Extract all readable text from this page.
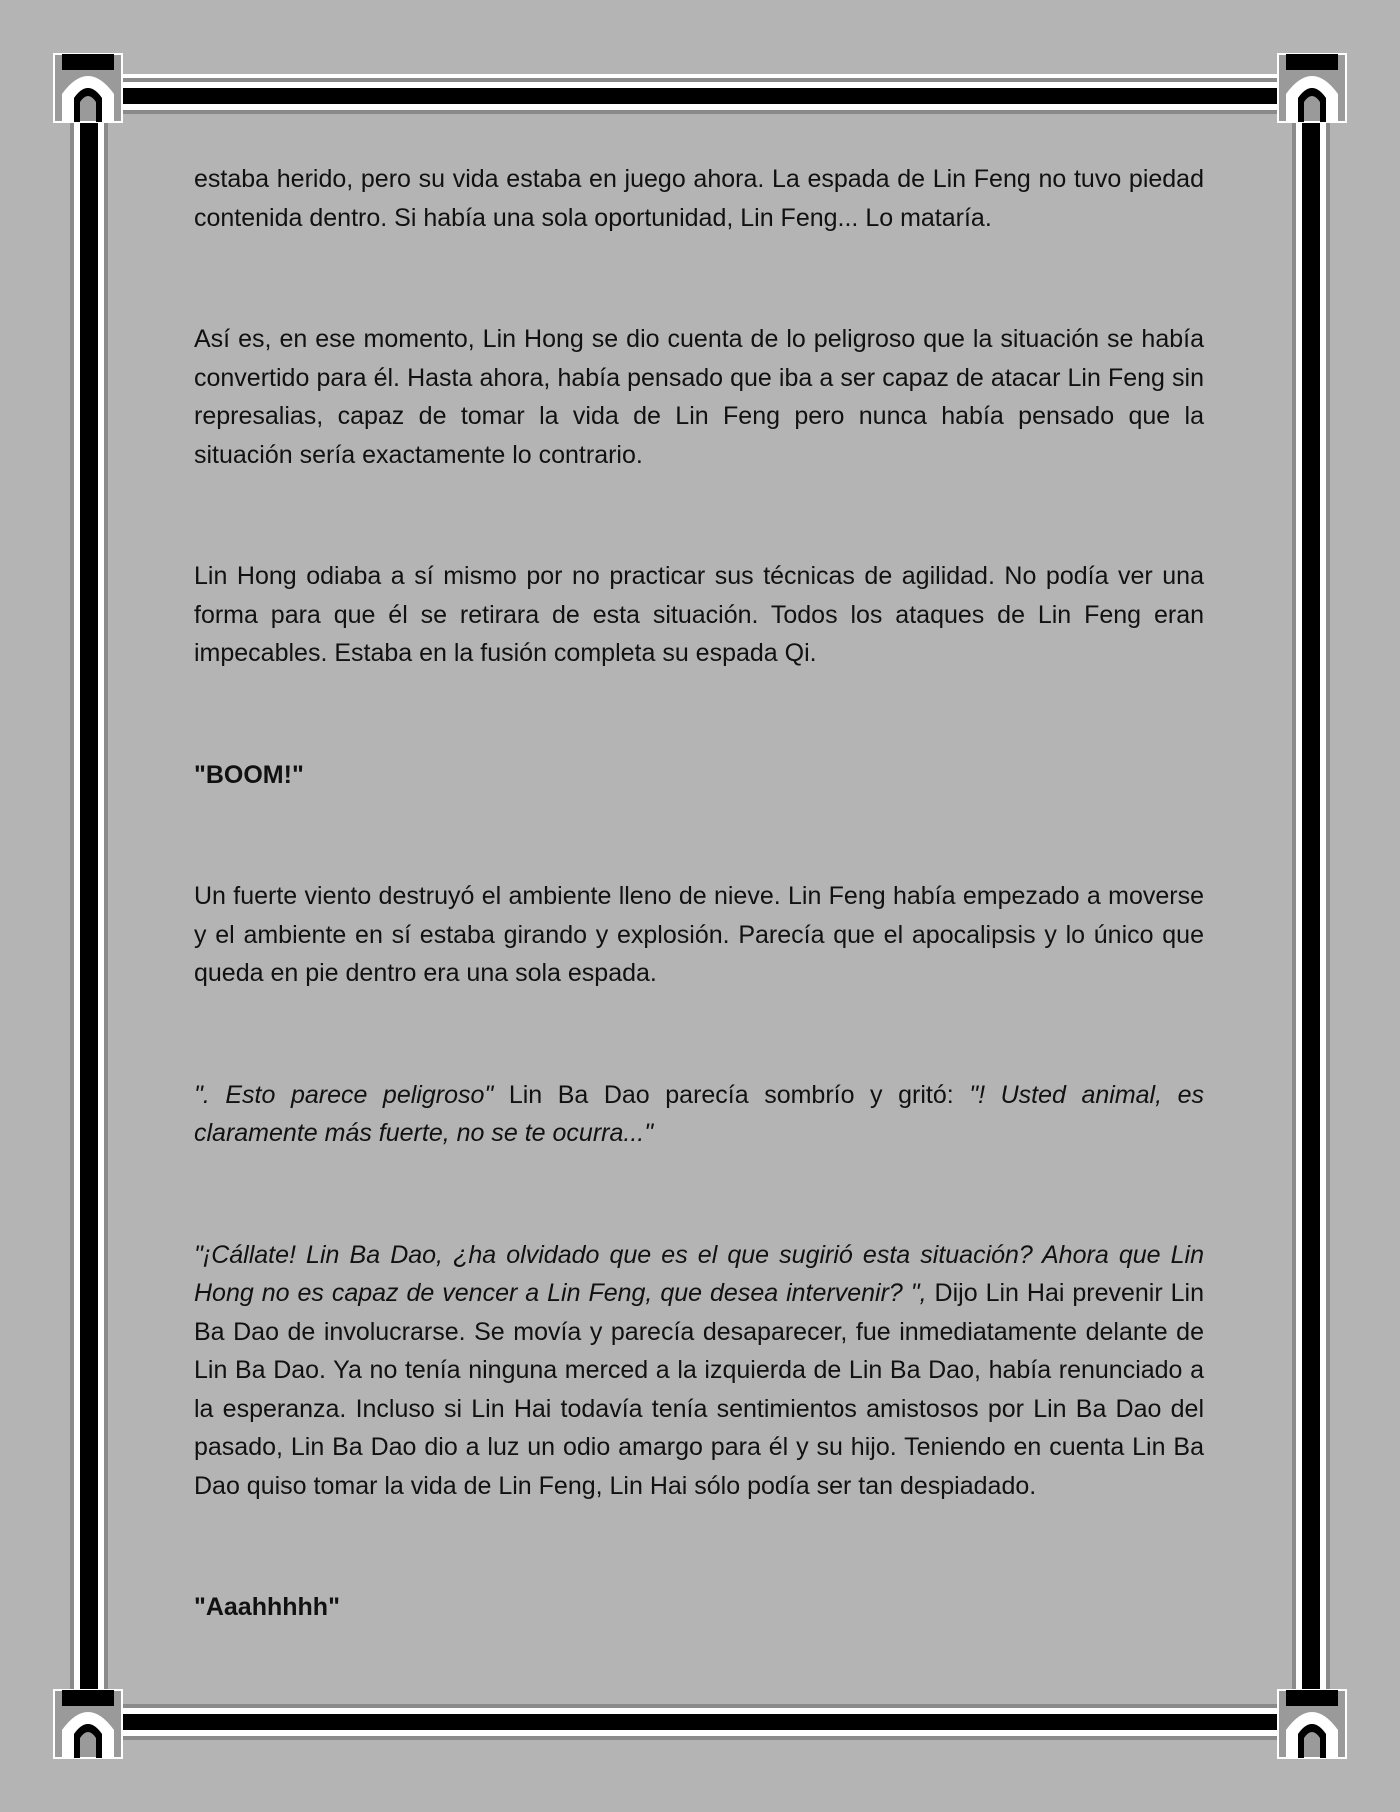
estaba herido, pero su vida estaba en juego ahora. La espada de Lin Feng no tuvo piedad contenida dentro. Si había una sola oportunidad, Lin Feng... Lo mataría.

Así es, en ese momento, Lin Hong se dio cuenta de lo peligroso que la situación se había convertido para él. Hasta ahora, había pensado que iba a ser capaz de atacar Lin Feng sin represalias, capaz de tomar la vida de Lin Feng pero nunca había pensado que la situación sería exactamente lo contrario.

Lin Hong odiaba a sí mismo por no practicar sus técnicas de agilidad. No podía ver una forma para que él se retirara de esta situación. Todos los ataques de Lin Feng eran impecables. Estaba en la fusión completa su espada Qi.

"BOOM!"

Un fuerte viento destruyó el ambiente lleno de nieve. Lin Feng había empezado a moverse y el ambiente en sí estaba girando y explosión. Parecía que el apocalipsis y lo único que queda en pie dentro era una sola espada.

". Esto parece peligroso" Lin Ba Dao parecía sombrío y gritó: "! Usted animal, es claramente más fuerte, no se te ocurra..."

"¡Cállate! Lin Ba Dao, ¿ha olvidado que es el que sugirió esta situación? Ahora que Lin Hong no es capaz de vencer a Lin Feng, que desea intervenir? ", Dijo Lin Hai prevenir Lin Ba Dao de involucrarse. Se movía y parecía desaparecer, fue inmediatamente delante de Lin Ba Dao. Ya no tenía ninguna merced a la izquierda de Lin Ba Dao, había renunciado a la esperanza. Incluso si Lin Hai todavía tenía sentimientos amistosos por Lin Ba Dao del pasado, Lin Ba Dao dio a luz un odio amargo para él y su hijo. Teniendo en cuenta Lin Ba Dao quiso tomar la vida de Lin Feng, Lin Hai sólo podía ser tan despiadado.

"Aaahhhhh"
